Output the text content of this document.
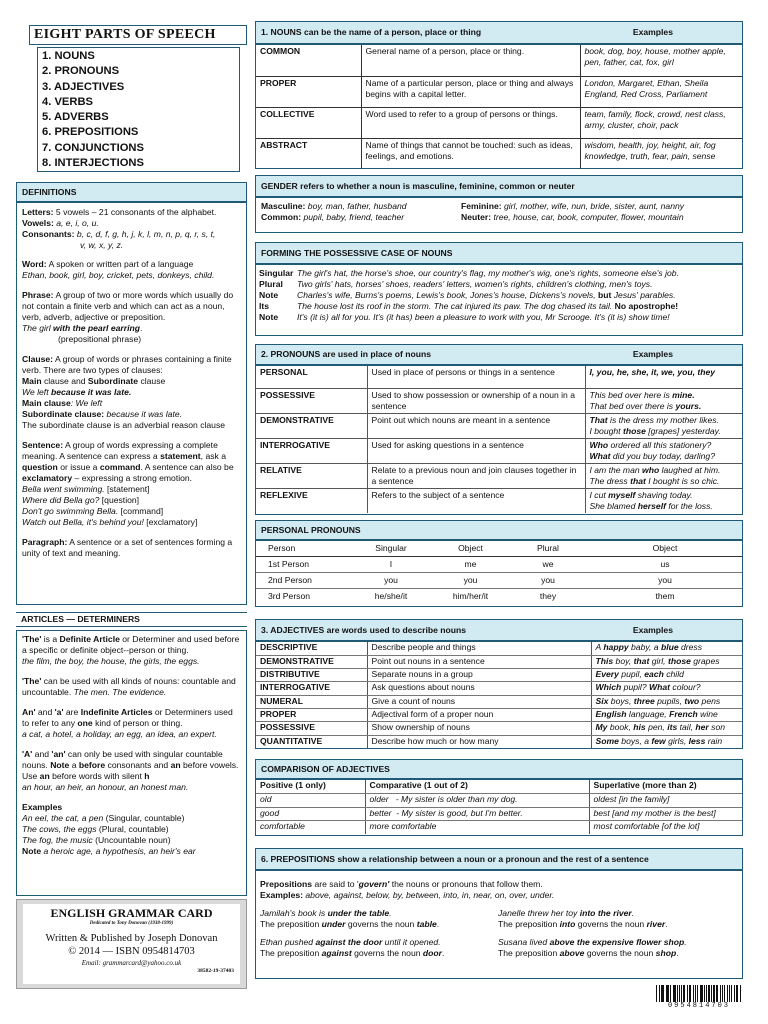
EIGHT PARTS OF SPEECH
1. NOUNS
2. PRONOUNS
3. ADJECTIVES
4. VERBS
5. ADVERBS
6. PREPOSITIONS
7. CONJUNCTIONS
8. INTERJECTIONS
DEFINITIONS
Letters: 5 vowels – 21 consonants of the alphabet.
Vowels: a, e, i, o, u.
Consonants: b, c, d, f, g, h, j, k, l, m, n, p, q, r, s, t,
v, w, x, y, z.

Word: A spoken or written part of a language
Ethan, book, girl, boy, cricket, pets, donkeys, child.

Phrase: A group of two or more words which usually do not contain a finite verb and which can act as a noun, verb, adverb, adjective or preposition.
The girl with the pearl earring.
(prepositional phrase)

Clause: A group of words or phrases containing a finite verb. There are two types of clauses:
Main clause and Subordinate clause
We left because it was late.
Main clause: We left
Subordinate clause: because it was late.
The subordinate clause is an adverbial reason clause

Sentence: A group of words expressing a complete meaning. A sentence can express a statement, ask a question or issue a command. A sentence can also be exclamatory – expressing a strong emotion.
Bella went swimming. [statement]
Where did Bella go? [question]
Don't go swimming Bella. [command]
Watch out Bella, it's behind you! [exclamatory]

Paragraph: A sentence or a set of sentences forming a unity of text and meaning.

ARTICLES — DETERMINERS

'The' is a Definite Article or Determiner and used before a specific or definite object--person or thing.
the film, the boy, the house, the girls, the eggs.

'The' can be used with all kinds of nouns: countable and uncountable. The men. The evidence.

An' and 'a' are Indefinite Articles or Determiners used to refer to any one kind of person or thing.
a cat, a hotel, a holiday, an egg, an idea, an expert.

'A' and 'an' can only be used with singular countable nouns. Note a before consonants and an before vowels. Use an before words with silent h
an hour, an heir, an honour, an honest man.

Examples
An eel, the cat, a pen (Singular, countable)
The cows, the eggs (Plural, countable)
The fog, the music (Uncountable noun)
Note a heroic age, a hypothesis, an heir's ear
ENGLISH GRAMMAR CARD
Dedicated to Tony Donovan (1938-1999)
Written & Published by Joseph Donovan
© 2014 — ISBN 0954814703
Email: grammarcard@yahoo.co.uk
38582-19-37403
1. NOUNS can be the name of a person, place or thing	Examples
COMMON	General name of a person, place or thing.	book, dog, boy, house, mother apple, pen, father, cat, fox, girl
PROPER	Name of a particular person, place or thing and always begins with a capital letter.	London, Margaret, Ethan, Sheila England, Red Cross, Parliament
COLLECTIVE	Word used to refer to a group of persons or things.	team, family, flock, crowd, nest class, army, cluster, choir, pack
ABSTRACT	Name of things that cannot be touched: such as ideas, feelings, and emotions.	wisdom, health, joy, height, air, fog knowledge, truth, fear, pain, sense
GENDER refers to whether a noun is masculine, feminine, common or neuter
Masculine: boy, man, father, husband	Feminine: girl, mother, wife, nun, bride, sister, aunt, nanny
Common: pupil, baby, friend, teacher	Neuter: tree, house, car, book, computer, flower, mountain
FORMING THE POSSESSIVE CASE OF NOUNS
Singular The girl's hat, the horse's shoe, our country's flag, my mother's wig, one's rights, someone else's job.
Plural	Two girls' hats, horses' shoes, readers' letters, women's rights, children's clothing, men's toys.
Note	Charles's wife, Burns's poems, Lewis's book, Jones's house, Dickens's novels, but Jesus' parables.
Its	The house lost its roof in the storm. The cat injured its paw. The dog chased its tail. No apostrophe!
Note	It's (it is) all for you. It's (it has) been a pleasure to work with you, Mr Scrooge. It's (it is) show time!
2. PRONOUNS are used in place of nouns	Examples
PERSONAL	Used in place of persons or things in a sentence	I, you, he, she, it, we, you, they

POSSESSIVE	Used to show possession or ownership of a noun in a sentence	This bed over here is mine.
That bed over there is yours.

DEMONSTRATIVE	Point out which nouns are meant in a sentence	That is the dress my mother likes.
I bought those [grapes] yesterday.

INTERROGATIVE	Used for asking questions in a sentence	Who ordered all this stationery?
What did you buy today, darling?

RELATIVE	Relate to a previous noun and join clauses together in a sentence	I am the man who laughed at him.
The dress that I bought is so chic.

REFLEXIVE	Refers to the subject of a sentence	I cut myself shaving today.
She blamed herself for the loss.
PERSONAL PRONOUNS
Person	Singular	Object	Plural	Object
1st Person	I	me	we	us
2nd Person	you	you	you	you
3rd Person	he/she/it	him/her/it	they	them
3. ADJECTIVES are words used to describe nouns	Examples
DESCRIPTIVE	Describe people and things	A happy baby, a blue dress
DEMONSTRATIVE	Point out nouns in a sentence	This boy, that girl, those grapes
DISTRIBUTIVE	Separate nouns in a group	Every pupil, each child
INTERROGATIVE	Ask questions about nouns	Which pupil? What colour?
NUMERAL	Give a count of nouns	Six boys, three pupils, two pens
PROPER	Adjectival form of a proper noun	English language, French wine
POSSESSIVE	Show ownership of nouns	My book, his pen, its tail, her son
QUANTITATIVE	Describe how much or how many	Some boys, a few girls, less rain
COMPARISON OF ADJECTIVES
Positive (1 only)	Comparative (1 out of 2)	Superlative (more than 2)
old	older   - My sister is older than my dog.	oldest [in the family]
good	better  - My sister is good, but I'm better.	best [and my mother is the best]
comfortable	more comfortable	most comfortable [of the lot]
6. PREPOSITIONS show a relationship between a noun or a pronoun and the rest of a sentence
Prepositions are said to 'govern' the nouns or pronouns that follow them.
Examples: above, against, below, by, between, into, in, near, on, over, under.
Jamilah's book is under the table.
The preposition under governs the noun table.
Janelle threw her toy into the river.
The preposition into governs the noun river.
Ethan pushed against the door until it opened.
The preposition against governs the noun door.
Susana lived above the expensive flower shop.
The preposition above governs the noun shop.
0954814703
